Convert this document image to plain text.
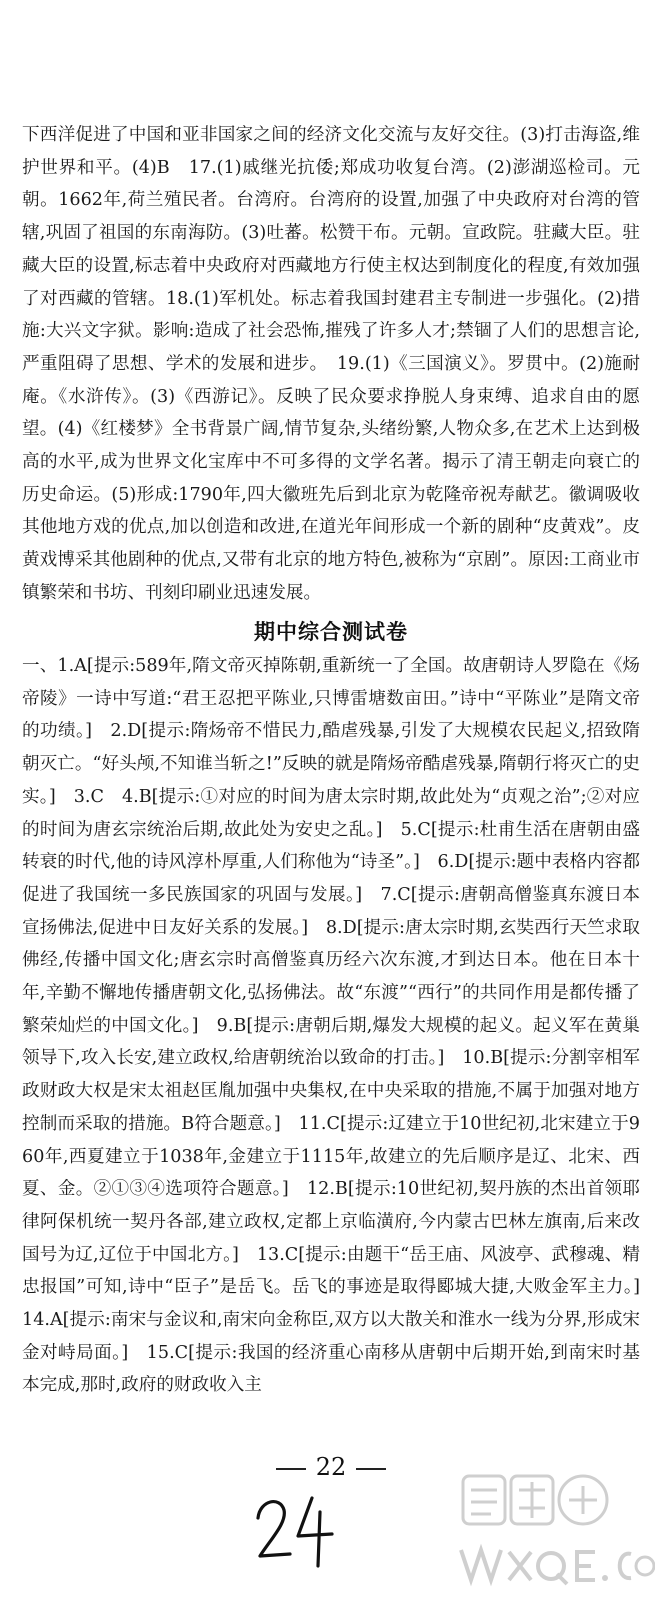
下西洋促进了中国和亚非国家之间的经济文化交流与友好交往。(3)打击海盗,维护世界和平。(4)B　17.(1)戚继光抗倭;郑成功收复台湾。(2)澎湖巡检司。元朝。1662年,荷兰殖民者。台湾府。台湾府的设置,加强了中央政府对台湾的管辖,巩固了祖国的东南海防。(3)吐蕃。松赞干布。元朝。宣政院。驻藏大臣。驻藏大臣的设置,标志着中央政府对西藏地方行使主权达到制度化的程度,有效加强了对西藏的管辖。18.(1)军机处。标志着我国封建君主专制进一步强化。(2)措施:大兴文字狱。影响:造成了社会恐怖,摧残了许多人才;禁锢了人们的思想言论,严重阻碍了思想、学术的发展和进步。　19.(1)《三国演义》。罗贯中。(2)施耐庵。《水浒传》。(3)《西游记》。反映了民众要求挣脱人身束缚、追求自由的愿望。(4)《红楼梦》全书背景广阔,情节复杂,头绪纷繁,人物众多,在艺术上达到极高的水平,成为世界文化宝库中不可多得的文学名著。揭示了清王朝走向衰亡的历史命运。(5)形成:1790年,四大徽班先后到北京为乾隆帝祝寿献艺。徽调吸收其他地方戏的优点,加以创造和改进,在道光年间形成一个新的剧种“皮黄戏”。皮黄戏博采其他剧种的优点,又带有北京的地方特色,被称为“京剧”。原因:工商业市镇繁荣和书坊、刊刻印刷业迅速发展。
期中综合测试卷
一、1.A[提示:589年,隋文帝灭掉陈朝,重新统一了全国。故唐朝诗人罗隐在《炀帝陵》一诗中写道:“君王忍把平陈业,只博雷塘数亩田。”诗中“平陈业”是隋文帝的功绩。]　2.D[提示:隋炀帝不惜民力,酷虐残暴,引发了大规模农民起义,招致隋朝灭亡。“好头颅,不知谁当斩之!”反映的就是隋炀帝酷虐残暴,隋朝行将灭亡的史实。]　3.C　4.B[提示:①对应的时间为唐太宗时期,故此处为“贞观之治”;②对应的时间为唐玄宗统治后期,故此处为安史之乱。]　5.C[提示:杜甫生活在唐朝由盛转衰的时代,他的诗风淳朴厚重,人们称他为“诗圣”。]　6.D[提示:题中表格内容都促进了我国统一多民族国家的巩固与发展。]　7.C[提示:唐朝高僧鉴真东渡日本宣扬佛法,促进中日友好关系的发展。]　8.D[提示:唐太宗时期,玄奘西行天竺求取佛经,传播中国文化;唐玄宗时高僧鉴真历经六次东渡,才到达日本。他在日本十年,辛勤不懈地传播唐朝文化,弘扬佛法。故“东渡”“西行”的共同作用是都传播了繁荣灿烂的中国文化。]　9.B[提示:唐朝后期,爆发大规模的起义。起义军在黄巢领导下,攻入长安,建立政权,给唐朝统治以致命的打击。]　10.B[提示:分割宰相军政财政大权是宋太祖赵匡胤加强中央集权,在中央采取的措施,不属于加强对地方控制而采取的措施。B符合题意。]　11.C[提示:辽建立于10世纪初,北宋建立于960年,西夏建立于1038年,金建立于1115年,故建立的先后顺序是辽、北宋、西夏、金。②①③④选项符合题意。]　12.B[提示:10世纪初,契丹族的杰出首领耶律阿保机统一契丹各部,建立政权,定都上京临潢府,今内蒙古巴林左旗南,后来改国号为辽,辽位于中国北方。]　13.C[提示:由题干“岳王庙、风波亭、武穆魂、精忠报国”可知,诗中“臣子”是岳飞。岳飞的事迹是取得郾城大捷,大败金军主力。]　14.A[提示:南宋与金议和,南宋向金称臣,双方以大散关和淮水一线为分界,形成宋金对峙局面。]　15.C[提示:我国的经济重心南移从唐朝中后期开始,到南宋时基本完成,那时,政府的财政收入主
22
